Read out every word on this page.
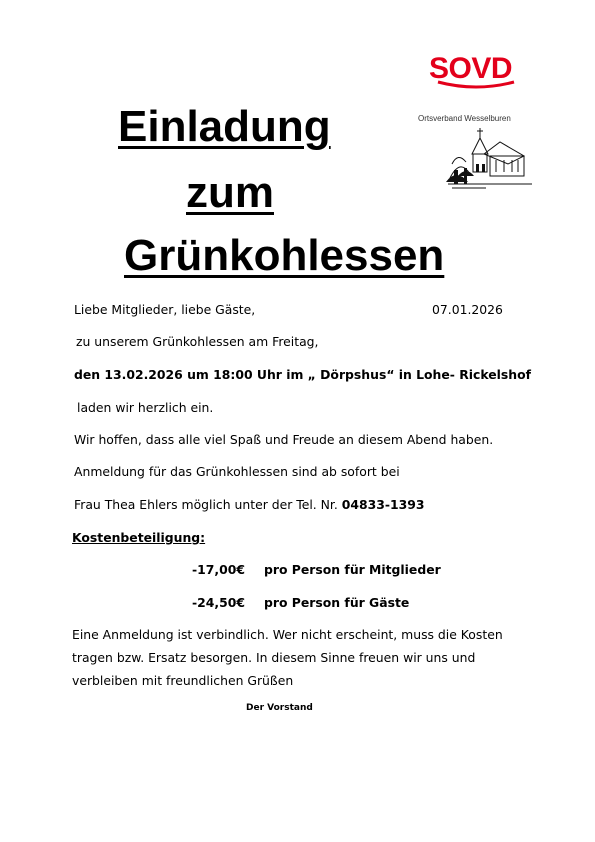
SOVD
Ortsverband Wesselburen
Einladung
zum
Grünkohlessen
Liebe Mitglieder, liebe Gäste,	07.01.2026
zu unserem Grünkohlessen am Freitag,
den 13.02.2026 um 18:00 Uhr im „ Dörpshus“ in Lohe- Rickelshof
laden wir herzlich ein.
Wir hoffen, dass alle viel Spaß und Freude an diesem Abend haben.
Anmeldung für das Grünkohlessen sind ab sofort bei
Frau Thea Ehlers möglich unter der Tel. Nr. 04833-1393
Kostenbeteiligung:
-17,00€ pro Person für Mitglieder
-24,50€ pro Person für Gäste
Eine Anmeldung ist verbindlich. Wer nicht erscheint, muss die Kosten
tragen bzw. Ersatz besorgen. In diesem Sinne freuen wir uns und
verbleiben mit freundlichen Grüßen
Der Vorstand
